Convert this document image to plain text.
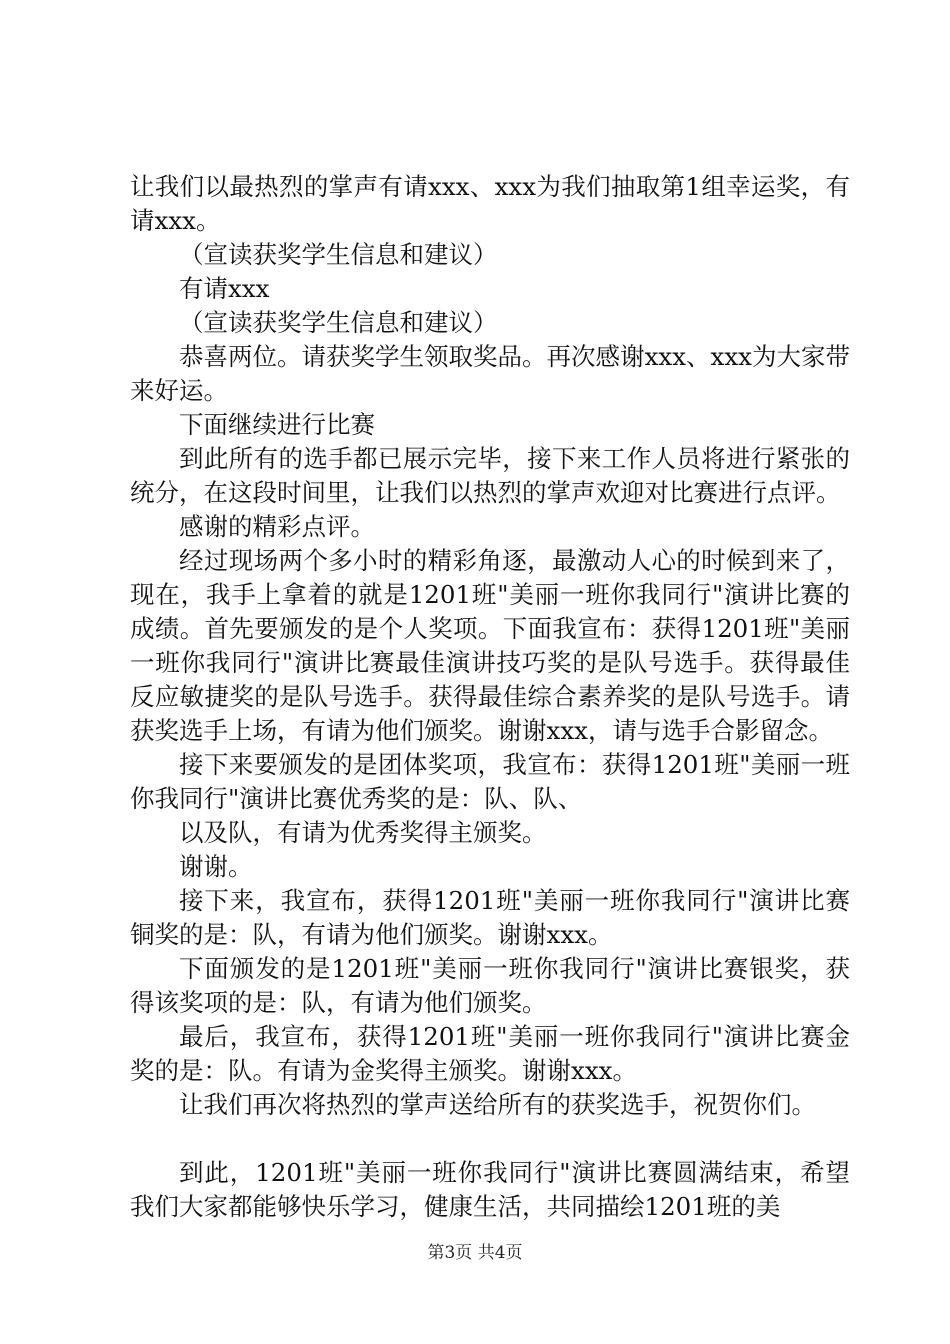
让我们以最热烈的掌声有请xxx、xxx为我们抽取第1组幸运奖，有请xxx。

（宣读获奖学生信息和建议）

有请xxx

（宣读获奖学生信息和建议）

恭喜两位。请获奖学生领取奖品。再次感谢xxx、xxx为大家带来好运。

下面继续进行比赛

到此所有的选手都已展示完毕，接下来工作人员将进行紧张的统分，在这段时间里，让我们以热烈的掌声欢迎对比赛进行点评。

感谢的精彩点评。

经过现场两个多小时的精彩角逐，最激动人心的时候到来了，现在，我手上拿着的就是1201班"美丽一班你我同行"演讲比赛的成绩。首先要颁发的是个人奖项。下面我宣布：获得1201班"美丽一班你我同行"演讲比赛最佳演讲技巧奖的是队号选手。获得最佳反应敏捷奖的是队号选手。获得最佳综合素养奖的是队号选手。请获奖选手上场，有请为他们颁奖。谢谢xxx，请与选手合影留念。

接下来要颁发的是团体奖项，我宣布：获得1201班"美丽一班你我同行"演讲比赛优秀奖的是：队、队、

以及队，有请为优秀奖得主颁奖。

谢谢。

接下来，我宣布，获得1201班"美丽一班你我同行"演讲比赛铜奖的是：队，有请为他们颁奖。谢谢xxx。

下面颁发的是1201班"美丽一班你我同行"演讲比赛银奖，获得该奖项的是：队，有请为他们颁奖。

最后，我宣布，获得1201班"美丽一班你我同行"演讲比赛金奖的是：队。有请为金奖得主颁奖。谢谢xxx。

让我们再次将热烈的掌声送给所有的获奖选手，祝贺你们。

到此，1201班"美丽一班你我同行"演讲比赛圆满结束，希望我们大家都能够快乐学习，健康生活，共同描绘1201班的美

第3页 共4页
